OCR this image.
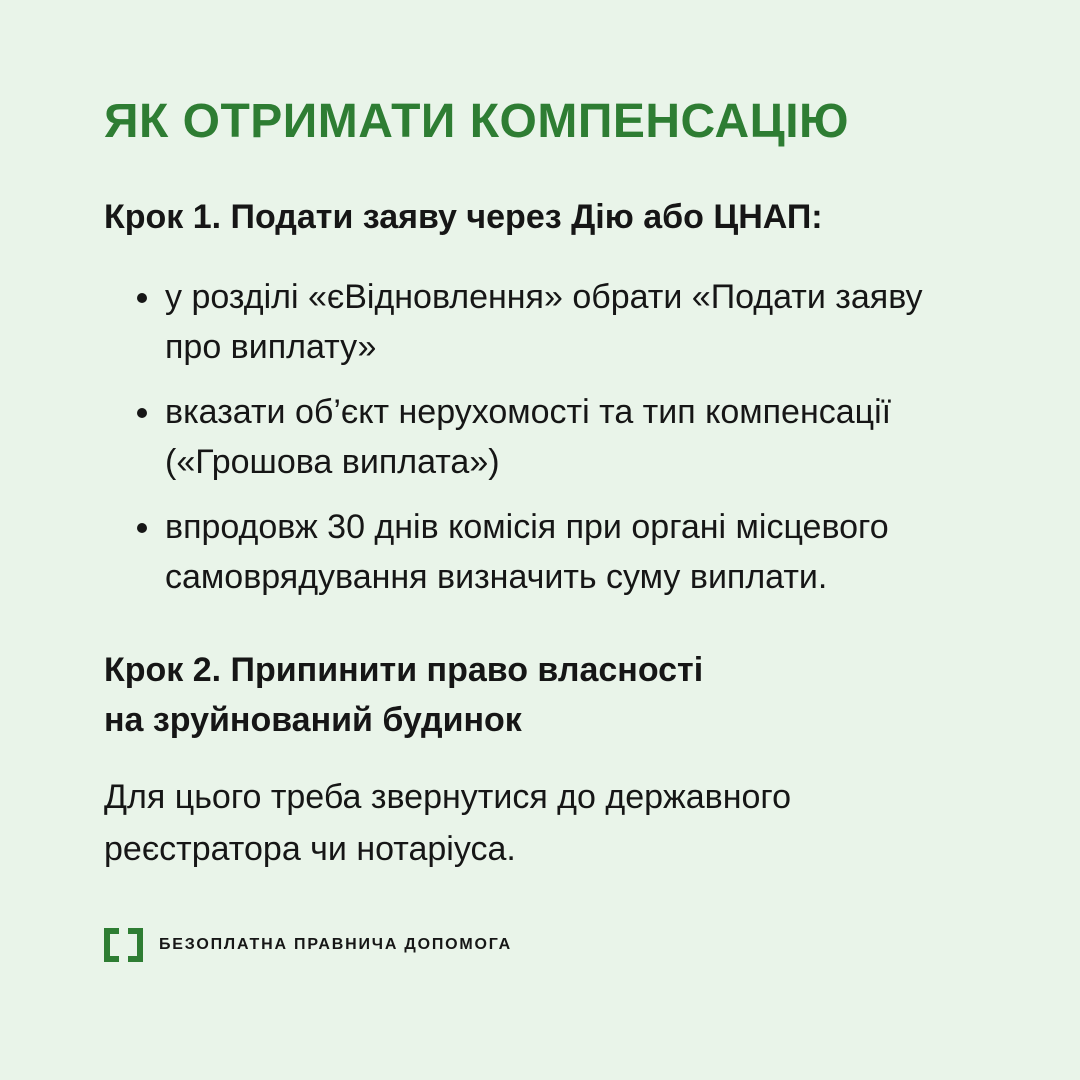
ЯК ОТРИМАТИ КОМПЕНСАЦІЮ
Крок 1. Подати заяву через Дію або ЦНАП:
у розділі «єВідновлення» обрати «Подати заяву
про виплату»
вказати об’єкт нерухомості та тип компенсації
(«Грошова виплата»)
впродовж 30 днів комісія при органі місцевого
самоврядування визначить суму виплати.
Крок 2. Припинити право власності
на зруйнований будинок

Для цього треба звернутися до державного
реєстратора чи нотаріуса.

БЕЗОПЛАТНА ПРАВНИЧА ДОПОМОГА
